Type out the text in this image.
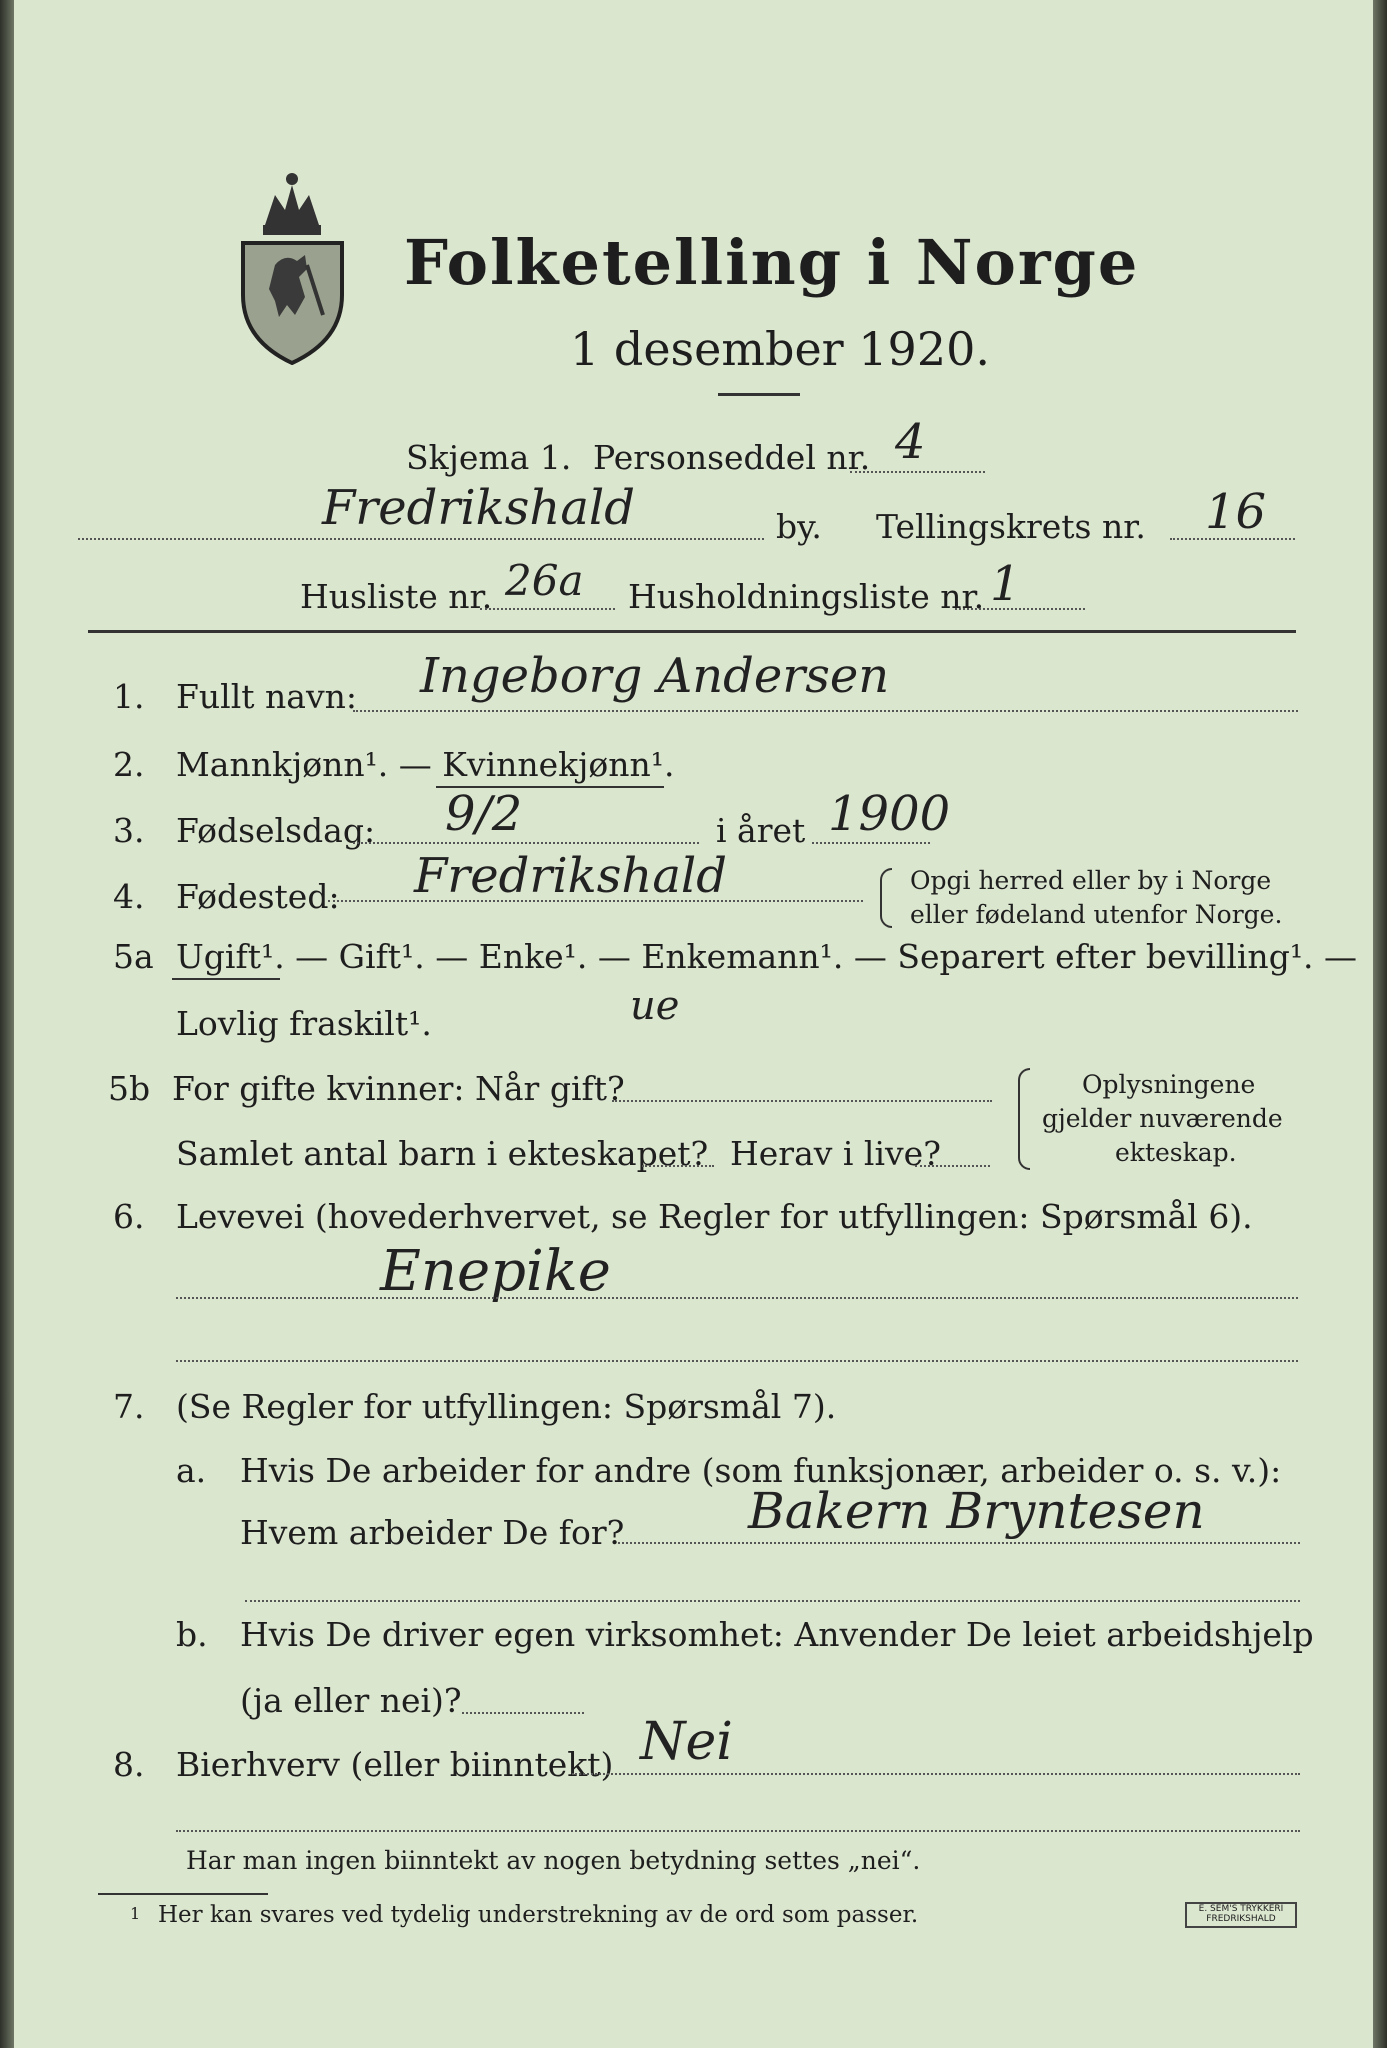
Folketelling i Norge
1 desember 1920.
Skjema 1. Personseddel nr. 4
Fredrikshald	by. Tellingskrets nr. 16
Husliste nr. 26a Husholdningsliste nr. 1
1. Fullt navn: Ingeborg Andersen
2. Mannkjønn¹. — Kvinnekjønn¹.
3. Fødselsdag: 9/2	i året 1900
4. Fødested: Fredrikshald	Opgi herred eller by i Norge
eller fødeland utenfor Norge.
5a Ugift¹. — Gift¹. — Enke¹. — Enkemann¹. — Separert efter bevilling¹. —
Lovlig fraskilt¹.	ue
5b For gifte kvinner: Når gift?
Samlet antal barn i ekteskapet? Herav i live?
Oplysningene
gjelder nuværende
ekteskap.
6. Levevei (hovederhvervet, se Regler for utfyllingen: Spørsmål 6).
Enepike
7. (Se Regler for utfyllingen: Spørsmål 7).
a. Hvis De arbeider for andre (som funksjonær, arbeider o. s. v.):
Hvem arbeider De for? Bakern Bryntesen
b. Hvis De driver egen virksomhet: Anvender De leiet arbeidshjelp
(ja eller nei)?
8. Bierhverv (eller biinntekt) Nei
Har man ingen biinntekt av nogen betydning settes „nei“.
1 Her kan svares ved tydelig understrekning av de ord som passer.	E. SEM'S TRYKKERI
FREDRIKSHALD
